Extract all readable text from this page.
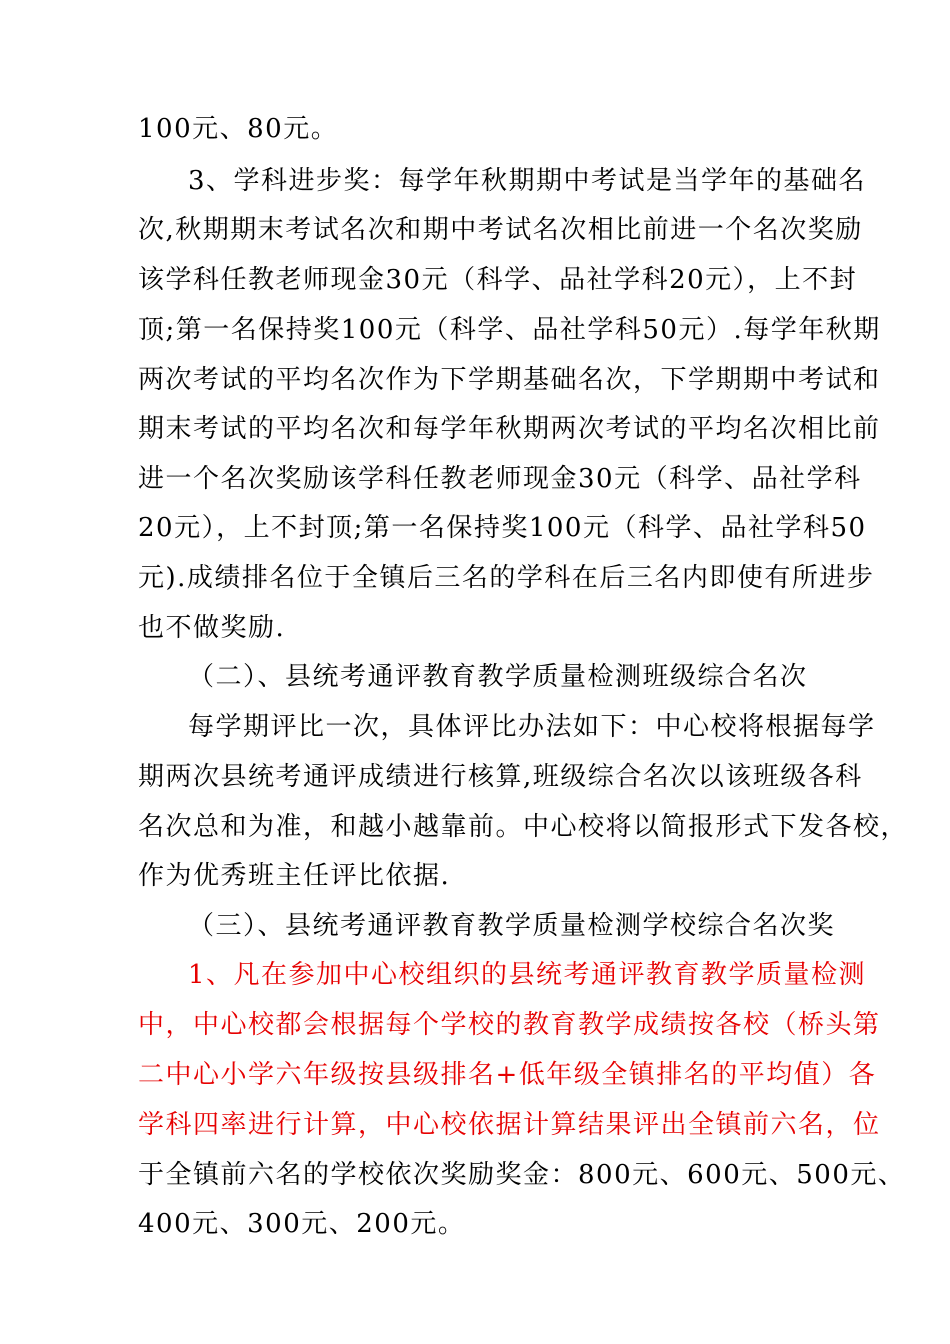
100元、80元。
3、学科进步奖：每学年秋期期中考试是当学年的基础名
次,秋期期末考试名次和期中考试名次相比前进一个名次奖励
该学科任教老师现金30元（科学、品社学科20元），上不封
顶;第一名保持奖100元（科学、品社学科50元）.每学年秋期
两次考试的平均名次作为下学期基础名次，下学期期中考试和
期末考试的平均名次和每学年秋期两次考试的平均名次相比前
进一个名次奖励该学科任教老师现金30元（科学、品社学科
20元），上不封顶;第一名保持奖100元（科学、品社学科50
元).成绩排名位于全镇后三名的学科在后三名内即使有所进步
也不做奖励.
（二）、县统考通评教育教学质量检测班级综合名次
每学期评比一次，具体评比办法如下：中心校将根据每学
期两次县统考通评成绩进行核算,班级综合名次以该班级各科
名次总和为准，和越小越靠前。中心校将以简报形式下发各校，
作为优秀班主任评比依据.
（三）、县统考通评教育教学质量检测学校综合名次奖
1、凡在参加中心校组织的县统考通评教育教学质量检测
中，中心校都会根据每个学校的教育教学成绩按各校（桥头第
二中心小学六年级按县级排名+低年级全镇排名的平均值）各
学科四率进行计算，中心校依据计算结果评出全镇前六名，位
于全镇前六名的学校依次奖励奖金：800元、600元、500元、
400元、300元、200元。
